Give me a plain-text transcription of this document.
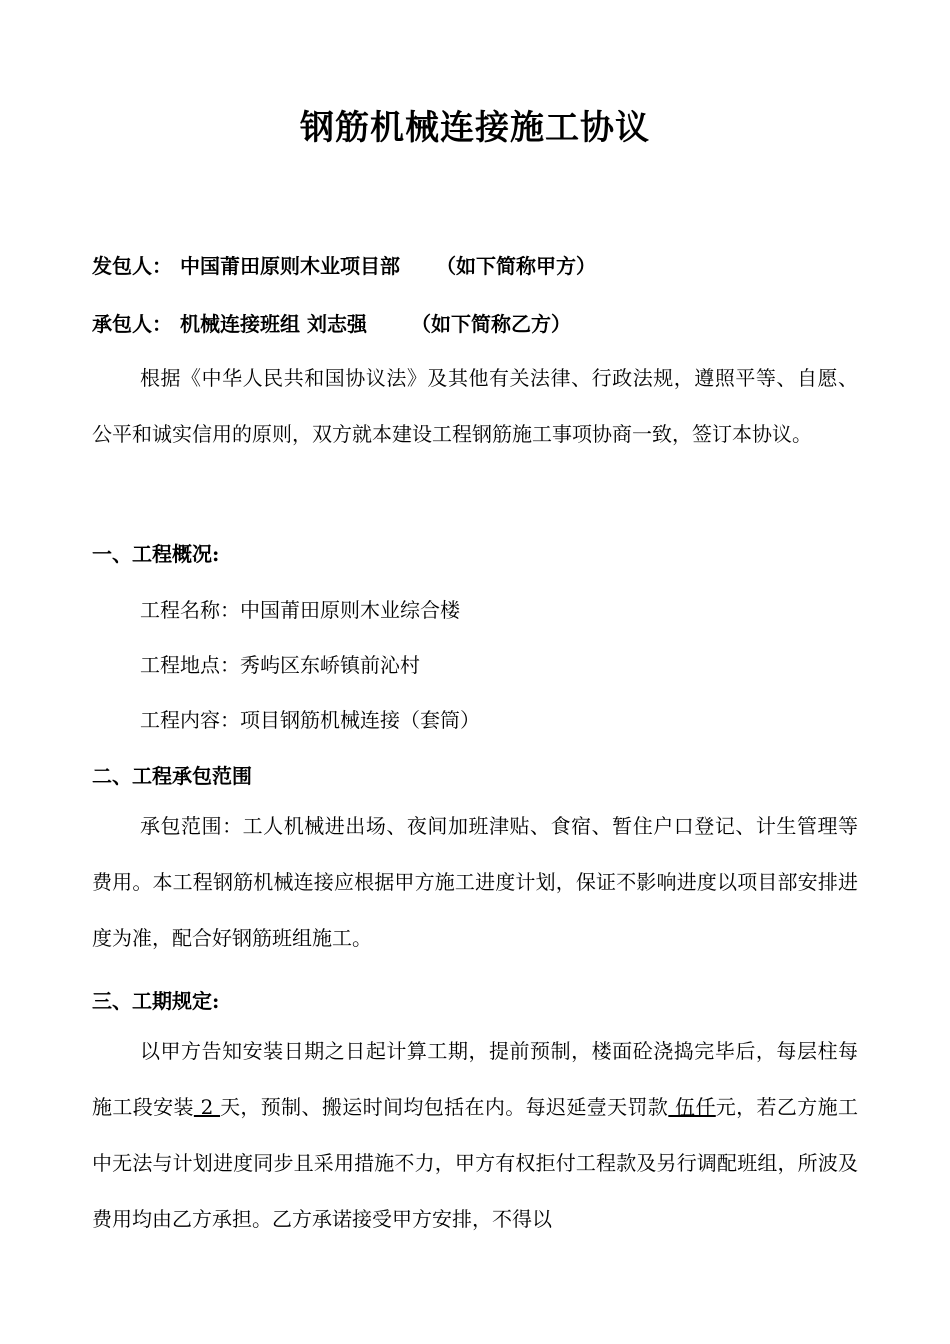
钢筋机械连接施工协议
发包人： 中国莆田原则木业项目部 （如下简称甲方）
承包人： 机械连接班组 刘志强 （如下简称乙方）
根据《中华人民共和国协议法》及其他有关法律、行政法规，遵照平等、自愿、公平和诚实信用的原则，双方就本建设工程钢筋施工事项协商一致，签订本协议。
一、工程概况:
工程名称：中国莆田原则木业综合楼
工程地点：秀屿区东峤镇前沁村
工程内容：项目钢筋机械连接（套筒）
二、工程承包范围
承包范围：工人机械进出场、夜间加班津贴、食宿、暂住户口登记、计生管理等费用。本工程钢筋机械连接应根据甲方施工进度计划，保证不影响进度以项目部安排进度为准，配合好钢筋班组施工。
三、工期规定:
以甲方告知安装日期之日起计算工期，提前预制，楼面砼浇捣完毕后，每层柱每施工段安装 2 天，预制、搬运时间均包括在内。每迟延壹天罚款 伍仟元，若乙方施工中无法与计划进度同步且采用措施不力，甲方有权拒付工程款及另行调配班组，所波及费用均由乙方承担。乙方承诺接受甲方安排，不得以
